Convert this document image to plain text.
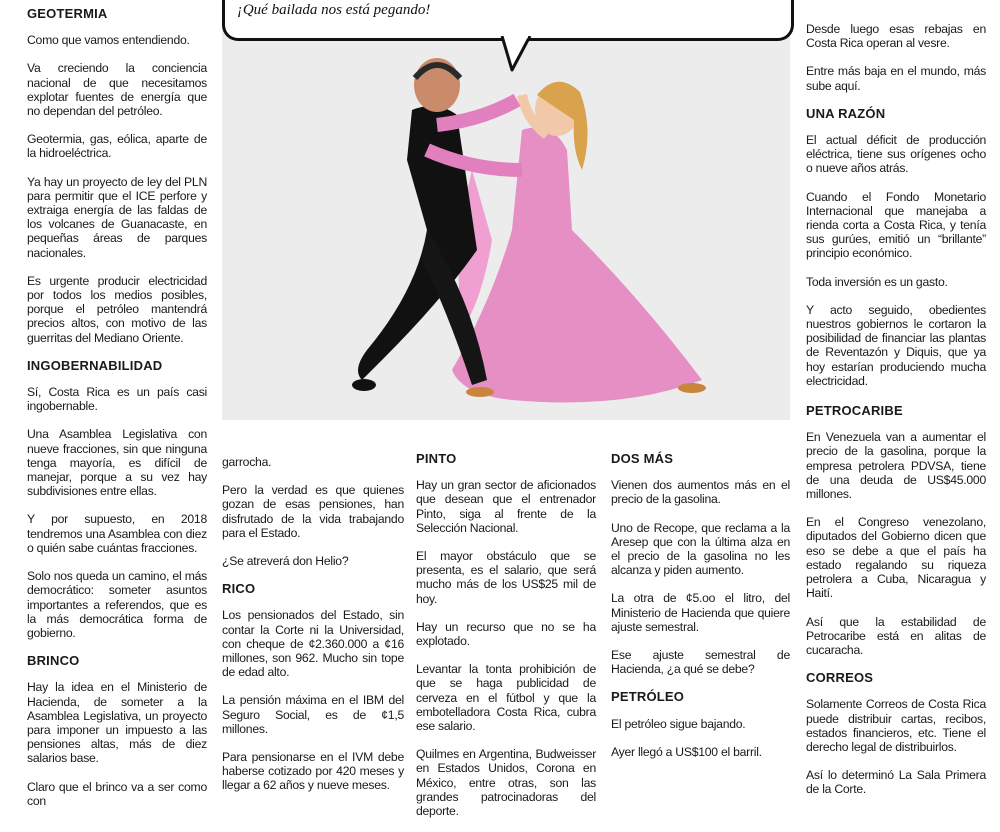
¡Qué bailada nos está pegando!
GEOTERMIA

Como que vamos entendiendo.

Va creciendo la conciencia nacional de que necesitamos explotar fuentes de energía que no dependan del petróleo.

Geotermia, gas, eólica, aparte de la hidroeléctrica.

Ya hay un proyecto de ley del PLN para permitir que el ICE perfore y extraiga energía de las faldas de los volcanes de Guanacaste, en pequeñas áreas de parques nacionales.

Es urgente producir electricidad por todos los medios posibles, porque el petróleo mantendrá precios altos, con motivo de las guerritas del Mediano Oriente.

INGOBERNABILIDAD

Sí, Costa Rica es un país casi ingobernable.

Una Asamblea Legislativa con nueve fracciones, sin que ninguna tenga mayoría, es difícil de manejar, porque a su vez hay subdivisiones entre ellas.

Y por supuesto, en 2018 tendremos una Asamblea con diez o quién sabe cuántas fracciones.

Solo nos queda un camino, el más democrático: someter asuntos importantes a referendos, que es la más democrática forma de gobierno.

BRINCO

Hay la idea en el Ministerio de Hacienda, de someter a la Asamblea Legislativa, un proyecto para imponer un impuesto a las pensiones altas, más de diez salarios base.

Claro que el brinco va a ser como con

garrocha.

Pero la verdad es que quienes gozan de esas pensiones, han disfrutado de la vida trabajando para el Estado.

¿Se atreverá don Helio?

RICO

Los pensionados del Estado, sin contar la Corte ni la Universidad, con cheque de ¢2.360.000 a ¢16 millones, son 962. Mucho sin tope de edad alto.

La pensión máxima en el IBM del Seguro Social, es de ¢1,5 millones.

Para pensionarse en el IVM debe haberse cotizado por 420 meses y llegar a 62 años y nueve meses.

PINTO

Hay un gran sector de aficionados que desean que el entrenador Pinto, siga al frente de la Selección Nacional.

El mayor obstáculo que se presenta, es el salario, que será mucho más de los US$25 mil de hoy.

Hay un recurso que no se ha explotado.

Levantar la tonta prohibición de que se haga publicidad de cerveza en el fútbol y que la embotelladora Costa Rica, cubra ese salario.

Quilmes en Argentina, Budweisser en Estados Unidos, Corona en México, entre otras, son las grandes patrocinadoras del deporte.

DOS MÁS

Vienen dos aumentos más en el precio de la gasolina.

Uno de Recope, que reclama a la Aresep que con la última alza en el precio de la gasolina no les alcanza y piden aumento.

La otra de ¢5.oo el litro, del Ministerio de Hacienda que quiere ajuste semestral.

Ese ajuste semestral de Hacienda, ¿a qué se debe?

PETRÓLEO

El petróleo sigue bajando.

Ayer llegó a US$100 el barril.

Desde luego esas rebajas en Costa Rica operan al vesre.

Entre más baja en el mundo, más sube aquí.

UNA RAZÓN

El actual déficit de producción eléctrica, tiene sus orígenes ocho o nueve años atrás.

Cuando el Fondo Monetario Internacional que manejaba a rienda corta a Costa Rica, y tenía sus gurúes, emitió un “brillante” principio económico.

Toda inversión es un gasto.

Y acto seguido, obedientes nuestros gobiernos le cortaron la posibilidad de financiar las plantas de Reventazón y Diquis, que ya hoy estarían produciendo mucha electricidad.

PETROCARIBE

En Venezuela van a aumentar el precio de la gasolina, porque la empresa petrolera PDVSA, tiene de una deuda de US$45.000 millones.

En el Congreso venezolano, diputados del Gobierno dicen que eso se debe a que el país ha estado regalando su riqueza petrolera a Cuba, Nicaragua y Haití.

Así que la estabilidad de Petrocaribe está en alitas de cucaracha.

CORREOS

Solamente Correos de Costa Rica puede distribuir cartas, recibos, estados financieros, etc. Tiene el derecho legal de distribuirlos.

Así lo determinó La Sala Primera de la Corte.
